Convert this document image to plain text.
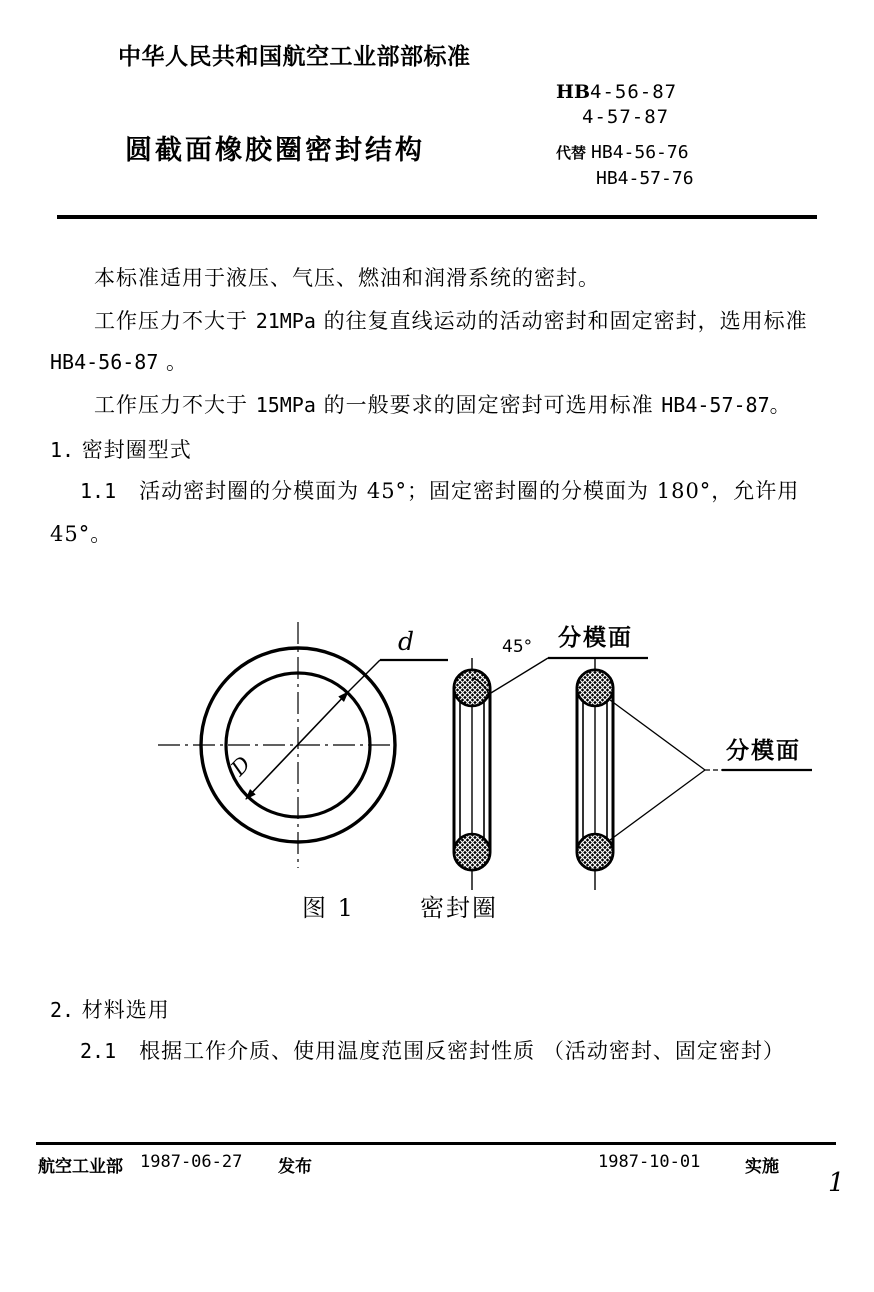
中华人民共和国航空工业部部标准
圆截面橡胶圈密封结构
HB4-56-87
4-57-87
代替 HB4-56-76
HB4-57-76

本标准适用于液压、气压、燃油和润滑系统的密封。

工作压力不大于 21MPa 的往复直线运动的活动密封和固定密封，选用标准 HB4-56-87 。

工作压力不大于 15MPa 的一般要求的固定密封可选用标准 HB4-57-87。

1. 密封圈型式

1.1 活动密封圈的分模面为 45°；固定密封圈的分模面为 180°，允许用

45°。

D
d	45° 分模面
分模面
图 1	密封圈

2. 材料选用

2.1 根据工作介质、使用温度范围反密封性质 （活动密封、固定密封）

航空工业部 1987-06-27 发布	1987-10-01	实施
1
